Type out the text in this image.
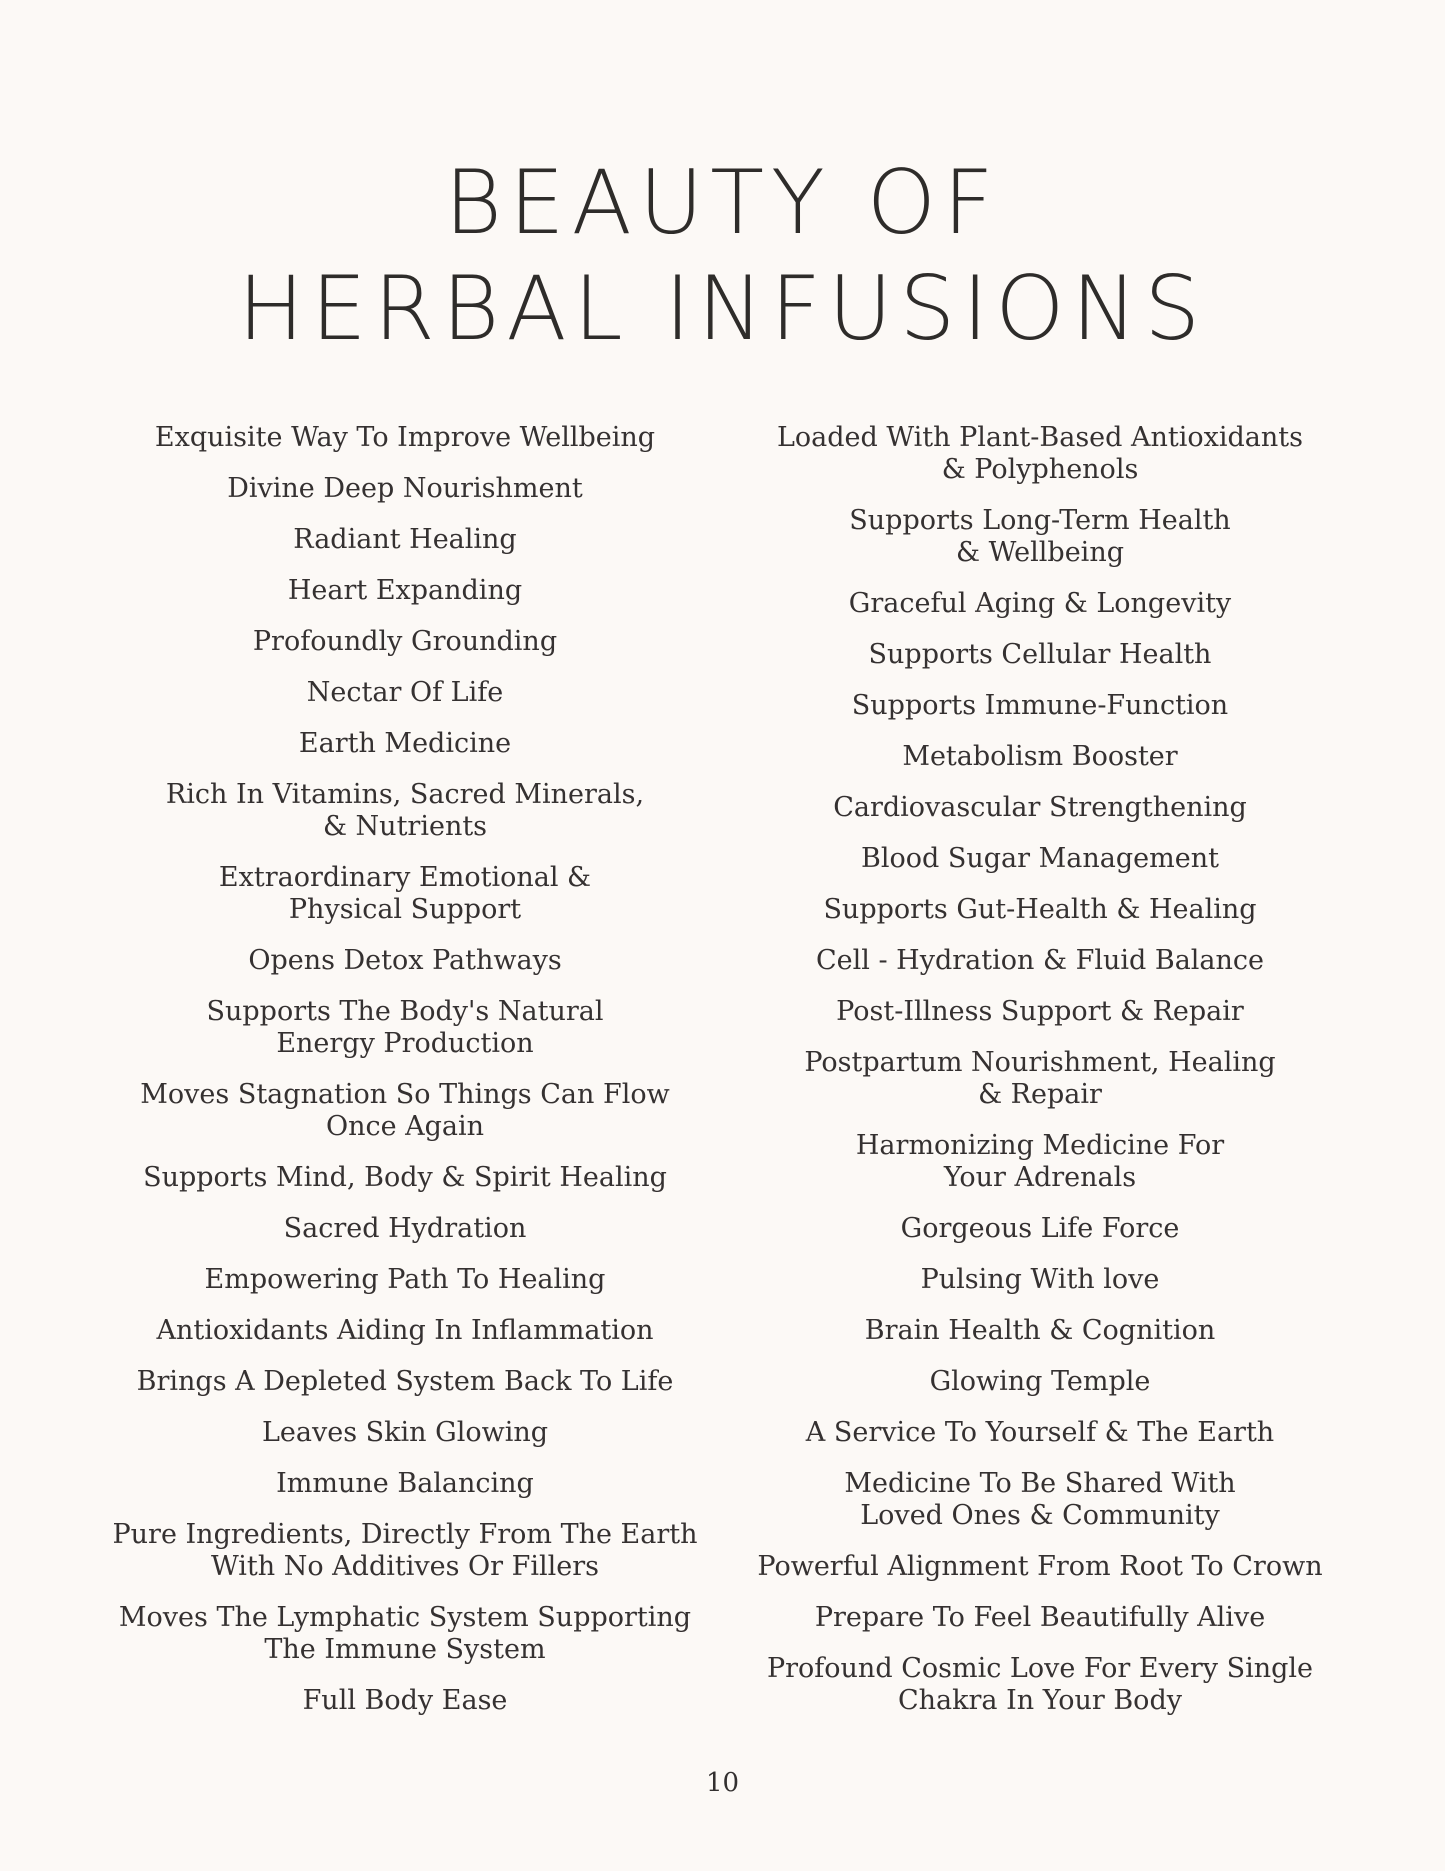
BEAUTY OF
HERBAL INFUSIONS
Exquisite Way To Improve Wellbeing
Divine Deep Nourishment
Radiant Healing
Heart Expanding
Profoundly Grounding
Nectar Of Life
Earth Medicine
Rich In Vitamins, Sacred Minerals,
& Nutrients
Extraordinary Emotional &
Physical Support
Opens Detox Pathways
Supports The Body's Natural
Energy Production
Moves Stagnation So Things Can Flow
Once Again
Supports Mind, Body & Spirit Healing
Sacred Hydration
Empowering Path To Healing
Antioxidants Aiding In Inflammation
Brings A Depleted System Back To Life
Leaves Skin Glowing
Immune Balancing
Pure Ingredients, Directly From The Earth
With No Additives Or Fillers
Moves The Lymphatic System Supporting
The Immune System
Full Body Ease
Loaded With Plant-Based Antioxidants
& Polyphenols
Supports Long-Term Health
& Wellbeing
Graceful Aging & Longevity
Supports Cellular Health
Supports Immune-Function
Metabolism Booster
Cardiovascular Strengthening
Blood Sugar Management
Supports Gut-Health & Healing
Cell - Hydration & Fluid Balance
Post-Illness Support & Repair
Postpartum Nourishment, Healing
& Repair
Harmonizing Medicine For
Your Adrenals
Gorgeous Life Force
Pulsing With love
Brain Health & Cognition
Glowing Temple
A Service To Yourself & The Earth
Medicine To Be Shared With
Loved Ones & Community
Powerful Alignment From Root To Crown
Prepare To Feel Beautifully Alive
Profound Cosmic Love For Every Single
Chakra In Your Body
10
